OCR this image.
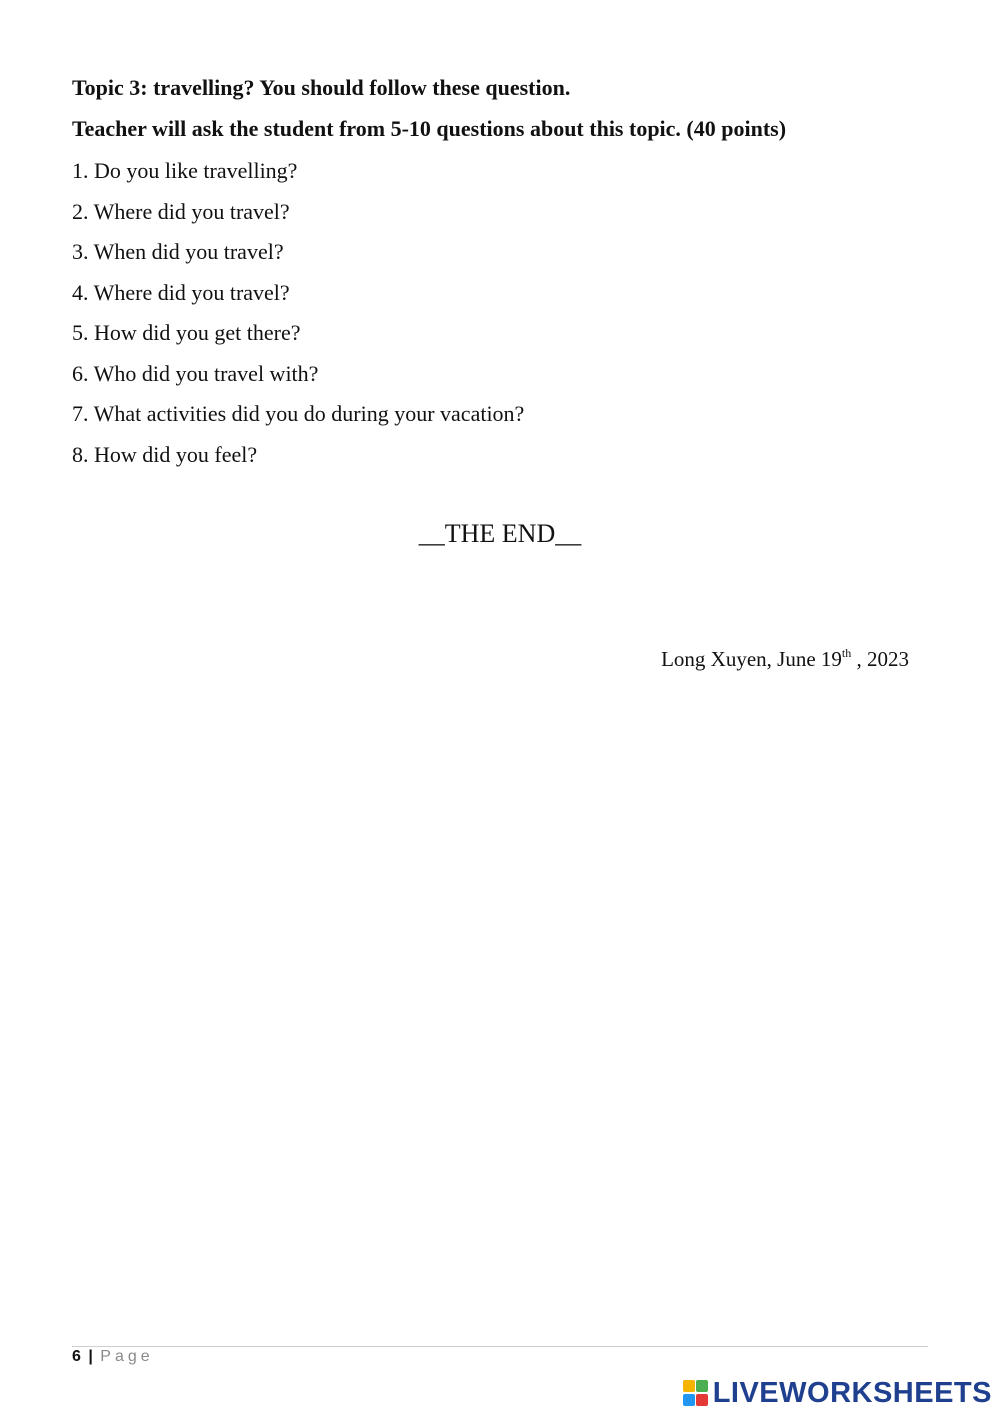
Topic 3: travelling? You should follow these question.
Teacher will ask the student from 5-10 questions about this topic. (40 points)
1. Do you like travelling?
2. Where did you travel?
3. When did you travel?
4. Where did you travel?
5. How did you get there?
6. Who did you travel with?
7. What activities did you do during your vacation?
8. How did you feel?
__THE END__
Long Xuyen, June 19th , 2023
6 | Page
LIVEWORKSHEETS
